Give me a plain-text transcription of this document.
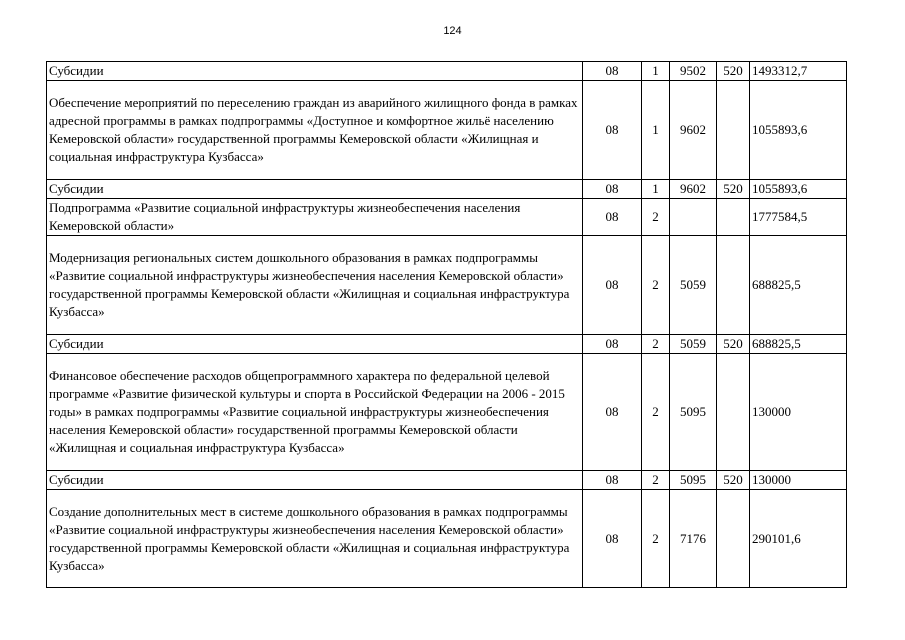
124
Субсидии	08	1	9502	520	1493312,7
Обеспечение мероприятий по переселению граждан из аварийного жилищного фонда в рамках адресной программы в рамках подпрограммы «Доступное и комфортное жильё населению Кемеровской области» государственной программы Кемеровской области «Жилищная и социальная инфраструктура Кузбасса»	08	1	9602		1055893,6
Субсидии	08	1	9602	520	1055893,6
Подпрограмма «Развитие социальной инфраструктуры жизнеобеспечения населения Кемеровской области»	08	2			1777584,5
Модернизация региональных систем дошкольного образования в рамках подпрограммы «Развитие социальной инфраструктуры жизнеобеспечения населения Кемеровской области» государственной программы Кемеровской области «Жилищная и социальная инфраструктура Кузбасса»	08	2	5059		688825,5
Субсидии	08	2	5059	520	688825,5
Финансовое обеспечение расходов общепрограммного характера по федеральной целевой программе «Развитие физической культуры и спорта в Российской Федерации на 2006 - 2015 годы» в рамках подпрограммы «Развитие социальной инфраструктуры жизнеобеспечения населения Кемеровской области» государственной программы Кемеровской области «Жилищная и социальная инфраструктура Кузбасса»	08	2	5095		130000
Субсидии	08	2	5095	520	130000
Создание дополнительных мест в системе дошкольного образования в рамках подпрограммы «Развитие социальной инфраструктуры жизнеобеспечения населения Кемеровской области» государственной программы Кемеровской области «Жилищная и социальная инфраструктура Кузбасса»	08	2	7176		290101,6
